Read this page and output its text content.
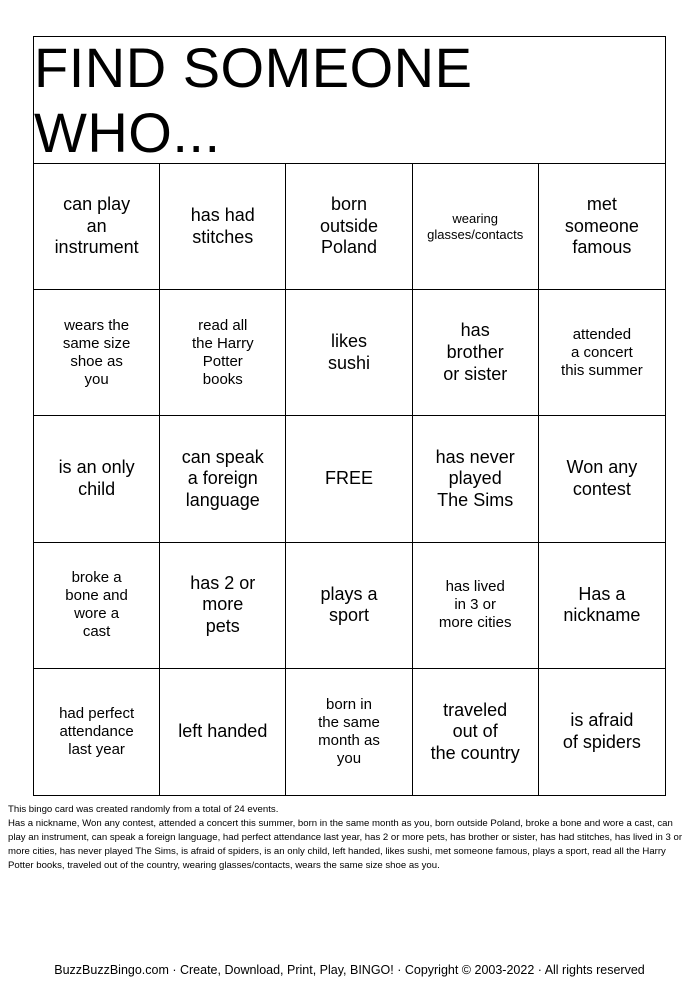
FIND SOMEONE WHO...
can play
an
instrument
has had
stitches
born
outside
Poland
wearing
glasses/contacts
met
someone
famous
wears the
same size
shoe as
you
read all
the Harry
Potter
books
likes
sushi
has
brother
or sister
attended
a concert
this summer
is an only
child
can speak
a foreign
language
FREE
has never
played
The Sims
Won any
contest
broke a
bone and
wore a
cast
has 2 or
more
pets
plays a
sport
has lived
in 3 or
more cities
Has a
nickname
had perfect
attendance
last year
left handed
born in
the same
month as
you
traveled
out of
the country
is afraid
of spiders

This bingo card was created randomly from a total of 24 events.

Has a nickname, Won any contest, attended a concert this summer, born in the same month as you, born outside Poland, broke a bone and wore a cast, can play an instrument, can speak a foreign language, had perfect attendance last year, has 2 or more pets, has brother or sister, has had stitches, has lived in 3 or more cities, has never played The Sims, is afraid of spiders, is an only child, left handed, likes sushi, met someone famous, plays a sport, read all the Harry Potter books, traveled out of the country, wearing glasses/contacts, wears the same size shoe as you.

BuzzBuzzBingo.com · Create, Download, Print, Play, BINGO! · Copyright © 2003-2022 · All rights reserved
